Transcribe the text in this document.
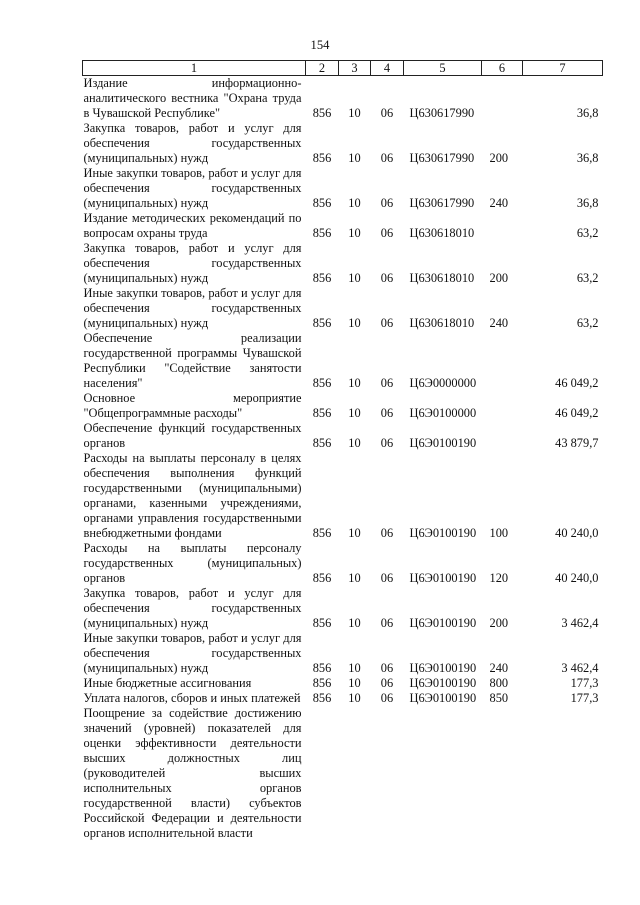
154
1	2	3	4	5	6	7
Издание информационно-аналитического вестника "Охрана труда в Чувашской Республике"	856	10	06	Ц630617990		36,8
Закупка товаров, работ и услуг для обеспечения государственных (муниципальных) нужд	856	10	06	Ц630617990	200	36,8
Иные закупки товаров, работ и услуг для обеспечения государственных (муниципальных) нужд	856	10	06	Ц630617990	240	36,8
Издание методических рекомендаций по вопросам охраны труда	856	10	06	Ц630618010		63,2
Закупка товаров, работ и услуг для обеспечения государственных (муниципальных) нужд	856	10	06	Ц630618010	200	63,2
Иные закупки товаров, работ и услуг для обеспечения государственных (муниципальных) нужд	856	10	06	Ц630618010	240	63,2
Обеспечение реализации государственной программы Чувашской Республики "Содействие занятости населения"	856	10	06	Ц6Э0000000		46 049,2
Основное мероприятие "Общепрограммные расходы"	856	10	06	Ц6Э0100000		46 049,2
Обеспечение функций государственных органов	856	10	06	Ц6Э0100190		43 879,7
Расходы на выплаты персоналу в целях обеспечения выполнения функций государственными (муниципальными) органами, казенными учреждениями, органами управления государственными внебюджетными фондами	856	10	06	Ц6Э0100190	100	40 240,0
Расходы на выплаты персоналу государственных (муниципальных) органов	856	10	06	Ц6Э0100190	120	40 240,0
Закупка товаров, работ и услуг для обеспечения государственных (муниципальных) нужд	856	10	06	Ц6Э0100190	200	3 462,4
Иные закупки товаров, работ и услуг для обеспечения государственных (муниципальных) нужд	856	10	06	Ц6Э0100190	240	3 462,4
Иные бюджетные ассигнования	856	10	06	Ц6Э0100190	800	177,3
Уплата налогов, сборов и иных платежей	856	10	06	Ц6Э0100190	850	177,3
Поощрение за содействие достижению значений (уровней) показателей для оценки эффективности деятельности высших должностных лиц (руководителей высших исполнительных органов государственной власти) субъектов Российской Федерации и деятельности органов исполнительной власти						
